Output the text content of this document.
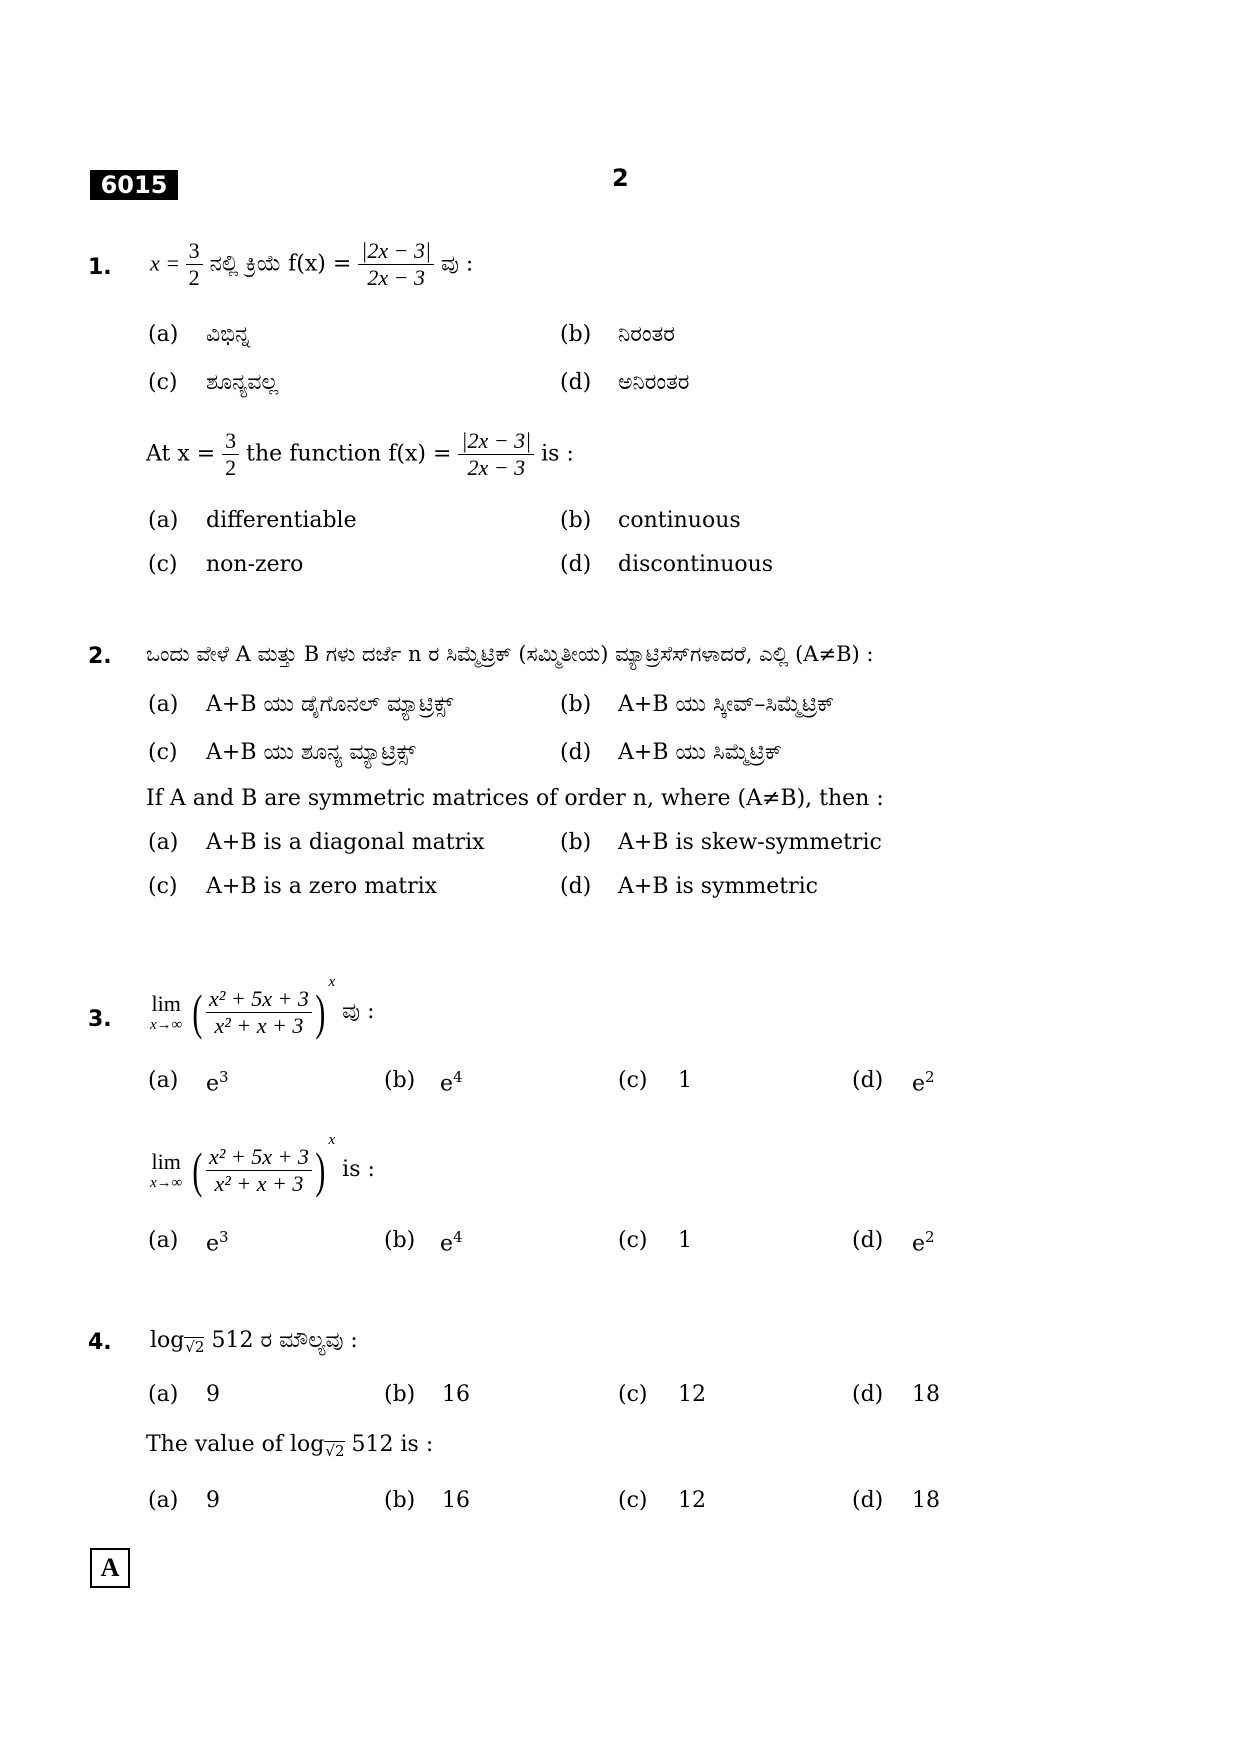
6015	2
1. $x = \frac{3}{2}$ ನಲ್ಲಿ ಕ್ರಿಯೆ $f(x) = \frac{|2x - 3|}{2x - 3}$ ವು :
(a) ವಿಭಿನ್ನ	(b) ನಿರಂತರ
(c) ಶೂನ್ಯವಲ್ಲ	(d) ಅನಿರಂತರ
At $x = \frac{3}{2}$ the function $f(x) = \frac{|2x - 3|}{2x - 3}$ is :
(a) differentiable	(b) continuous
(c) non-zero	(d) discontinuous
2. ಒಂದು ವೇಳೆ A ಮತ್ತು B ಗಳು ದರ್ಜೆ n ರ ಸಿಮ್ಮೆಟ್ರಿಕ್ (ಸಮ್ಮಿತೀಯ) ಮ್ಯಾಟ್ರಿಸೆಸ್‌ಗಳಾದರೆ, ಎಲ್ಲಿ (A≠B) :
(a) A+B ಯು ಡೈಗೊನಲ್ ಮ್ಯಾಟ್ರಿಕ್ಸ್	(b) A+B ಯು ಸ್ಕೀವ್–ಸಿಮ್ಮೆಟ್ರಿಕ್
(c) A+B ಯು ಶೂನ್ಯ ಮ್ಯಾಟ್ರಿಕ್ಸ್	(d) A+B ಯು ಸಿಮ್ಮೆಟ್ರಿಕ್
If A and B are symmetric matrices of order n, where (A≠B), then :
(a) A+B is a diagonal matrix	(b) A+B is skew-symmetric
(c) A+B is a zero matrix	(d) A+B is symmetric
3.
lim
x→∞ ( $\frac{\text{x² + 5x + 3}}{\text{x² + x + 3}} )^x$ ವು :
(a) $e^3$	(b) $e^4$	(c) 1	(d) $e^2$
lim
x→∞ ( $\frac{\text{x² + 5x + 3}}{\text{x² + x + 3}} )^x$ is :
(a) $e^3$	(b) $e^4$	(c) 1	(d) $e^2$
4. $\log_{√2} 512$ ರ ಮೌಲ್ಯವು :
(a) 9	(b) 16	(c) 12	(d) 18
The value of $\log_{√2} 512$ is :
(a) 9	(b) 16	(c) 12	(d) 18
A
